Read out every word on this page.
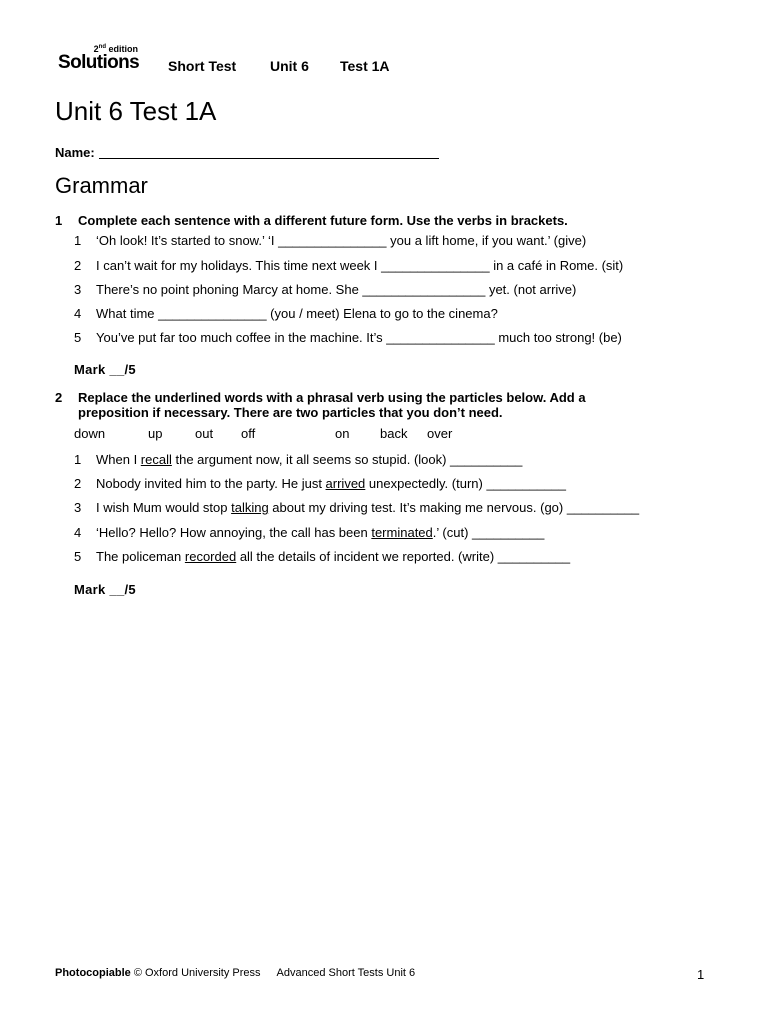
2nd edition
Solutions Short Test Unit 6 Test 1A
Unit 6 Test 1A
Name:
Grammar
1 Complete each sentence with a different future form. Use the verbs in brackets.
1 ‘Oh look! It’s started to snow.’ ‘I _______________ you a lift home, if you want.’ (give)
2 I can’t wait for my holidays. This time next week I _______________ in a café in Rome. (sit)
3 There’s no point phoning Marcy at home. She _________________ yet. (not arrive)
4 What time _______________ (you / meet) Elena to go to the cinema?
5 You’ve put far too much coffee in the machine. It’s _______________ much too strong! (be)
Mark __/5
2 Replace the underlined words with a phrasal verb using the particles below. Add a
preposition if necessary. There are two particles that you don’t need.
down	up	out off	on back over
1 When I recall the argument now, it all seems so stupid. (look) __________
2 Nobody invited him to the party. He just arrived unexpectedly. (turn) ___________
3 I wish Mum would stop talking about my driving test. It’s making me nervous. (go) __________
4 ‘Hello? Hello? How annoying, the call has been terminated.’ (cut) __________
5 The policeman recorded all the details of incident we reported. (write) __________
Mark __/5
Photocopiable © Oxford University Press Advanced Short Tests Unit 6	1
